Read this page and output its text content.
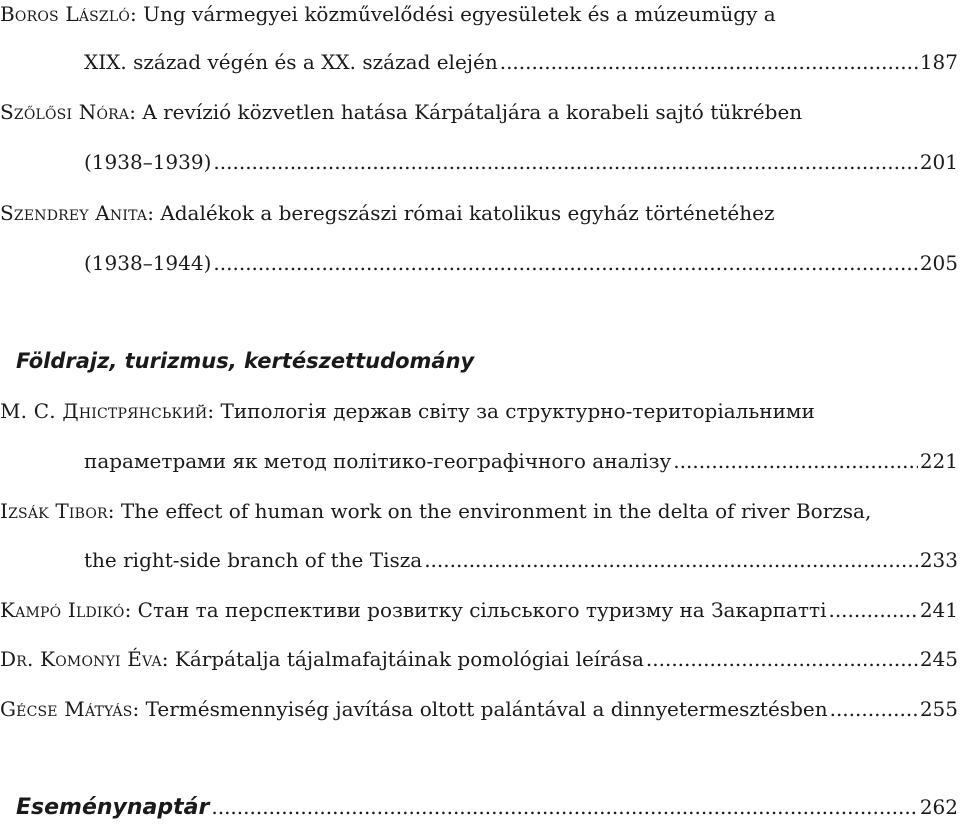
Boros László: Ung vármegyei közművelődési egyesületek és a múzeumügy a
XIX. század végén és a XX. század elején .....	187
Szőlősi Nóra: A revízió közvetlen hatása Kárpátaljára a korabeli sajtó tükrében
(1938–1939) .....	201
Szendrey Anita: Adalékok a beregszászi római katolikus egyház történetéhez
(1938–1944) .....	205
Földrajz, turizmus, kertészettudomány
М. С. Дністрянський: Типологія держав світу за структурно-територіальними
параметрами як метод політико-географічного аналізу .....	221
Izsák Tibor: The effect of human work on the environment in the delta of river Borzsa,
the right-side branch of the Tisza .....	233
Kampó Ildikó : Стан та перспективи розвитку сільського туризму на Закарпатті .....	241
Dr. Komonyi Éva : Kárpátalja tájalmafajtáinak pomológiai leírása .....	245
Gécse Mátyás : Termésmennyiség javítása oltott palántával a dinnyetermesztésben .....	255
Eseménynaptár .....	262
